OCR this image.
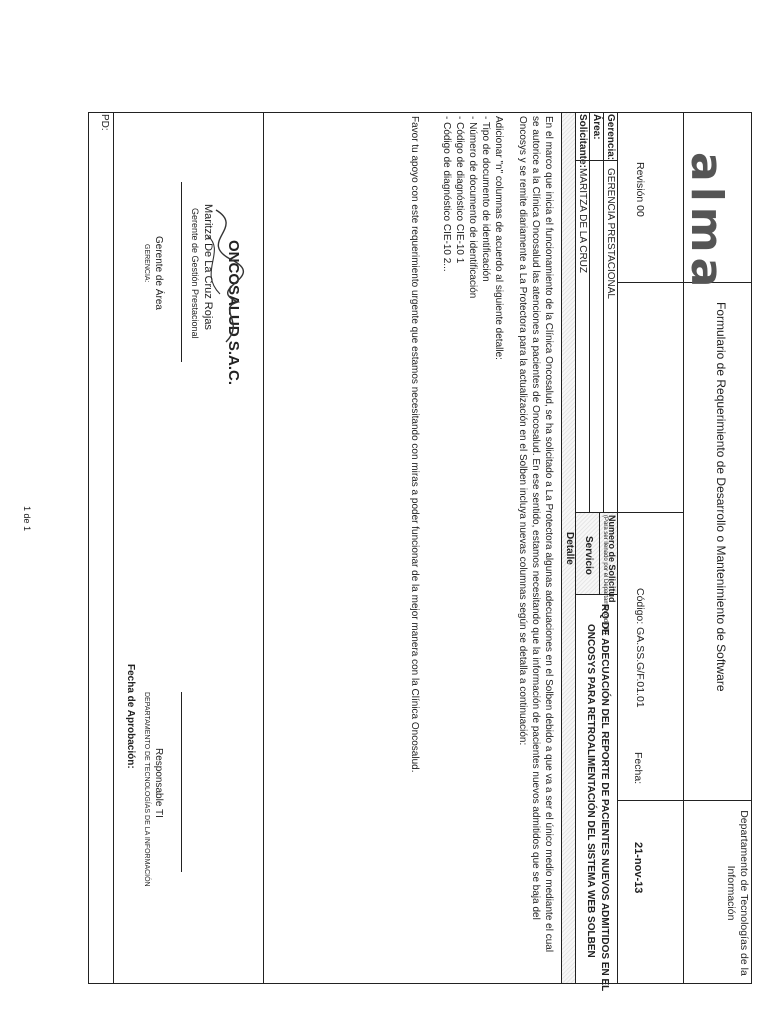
alma
Formulario de Requerimiento de Desarrollo o Mantenimiento de Software
Departamento de Tecnologías de la Información
Revisión 00
Código: GA.SS.G/F.01.01
Fecha:
21-nov-13
Gerencia:
GERENCIA PRESTACIONAL
Área:
Solicitante:
MARITZA DE LA CRUZ
Numero de Solicitud
(Para ser llenado por el Departamento de TI)
Servicio
RQ DE ADECUACIÓN DEL REPORTE DE PACIENTES NUEVOS ADMITIDOS EN EL
ONCOSYS PARA RETROALIMENTACIÓN DEL SISTEMA WEB SOLBEN
Detalle
En el marco que inicia el funcionamiento de la Clínica Oncosalud, se ha solicitado a La Protectora algunas adecuaciones en el Solben debido a que va a ser el único medio mediante el cual
se autorice a la Clínica Oncosalud las atenciones a pacientes de Oncosalud. En ese sentido, estamos necesitando que la información de pacientes nuevos admitidos que se baja del
Oncosys y se remite diariamente a La Protectora para la actualización en el Solben incluya nuevas columnas según se detalla a continuación:
Adicionar "n" columnas de acuerdo al siguiente detalle:
- Tipo de documento de identificación
- Número de documento de identificación
- Código de diagnóstico CIE-10 1
- Código de diagnóstico CIE-10 2...
Favor tu apoyo con este requerimiento urgente que estamos necesitando con miras a poder funcionar de la mejor manera con la Clínica Oncosalud.
ONCOSALUD S.A.C.
Maritza De La Cruz Rojas
Gerente de Gestión Prestacional
Gerente de Área
GERENCIA:
Responsable TI
DEPARTAMENTO DE TECNOLOGÍAS DE LA INFORMACIÓN
Fecha de Aprobación:
PD:
1 de 1
